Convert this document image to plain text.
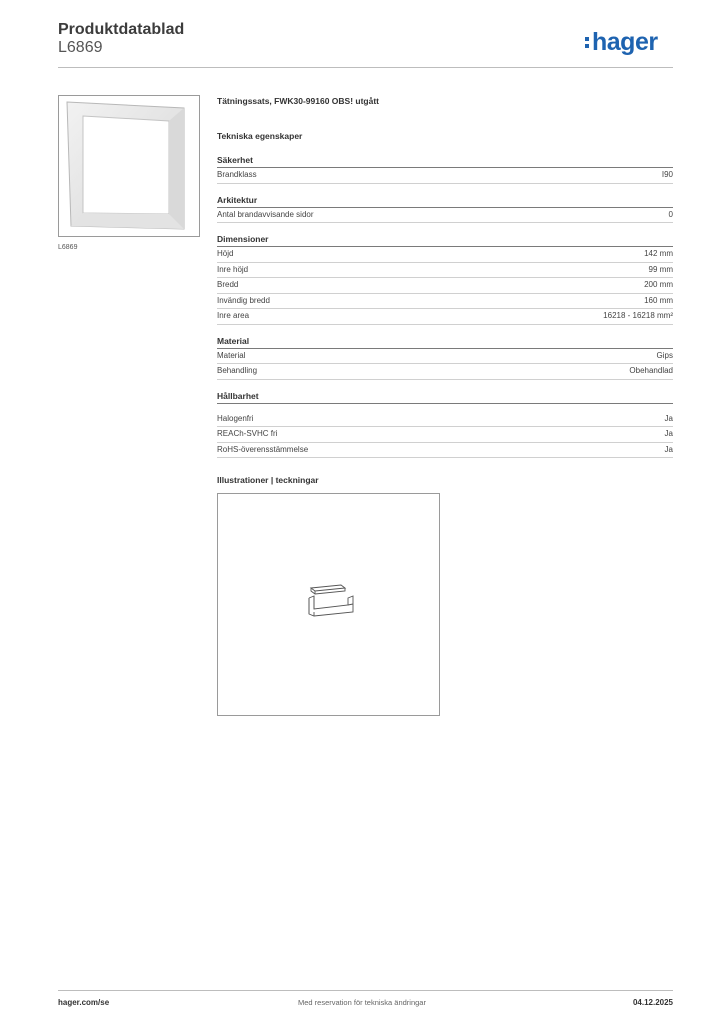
Produktdatablad
L6869	hager
L6869
Tätningssats, FWK30-99160 OBS! utgått
Tekniska egenskaper
Säkerhet
Brandklass	I90
Arkitektur
Antal brandavvisande sidor	0
Dimensioner
Höjd	142 mm
Inre höjd	99 mm
Bredd	200 mm
Invändig bredd	160 mm
Inre area	16218 - 16218 mm²
Material
Material	Gips
Behandling	Obehandlad
Hållbarhet
Halogenfri	Ja
REACh-SVHC fri	Ja
RoHS-överensstämmelse	Ja
Illustrationer | teckningar
hager.com/se	Med reservation för tekniska ändringar	04.12.2025
